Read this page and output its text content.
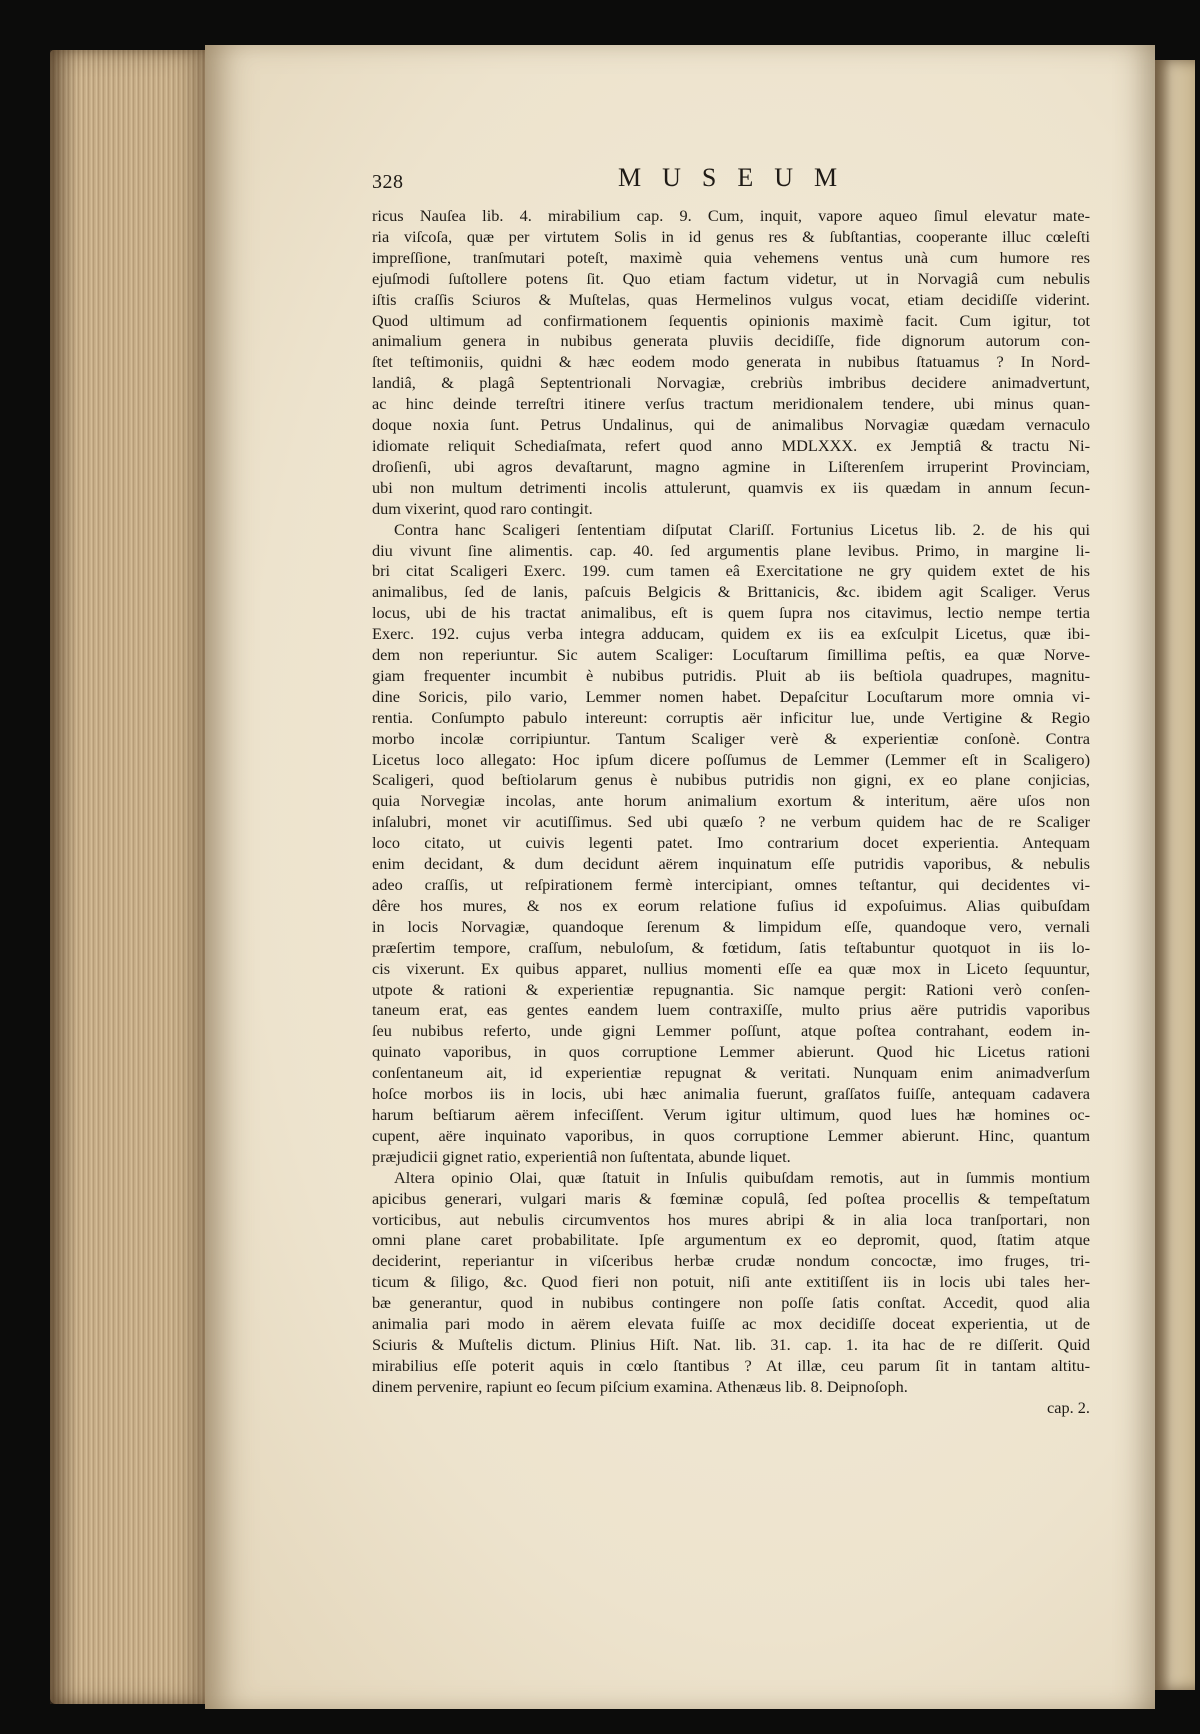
328	MUSEUM
ricus Nauſea lib. 4. mirabilium cap. 9. Cum, inquit, vapore aqueo ſimul elevatur mate-
ria viſcoſa, quæ per virtutem Solis in id genus res & ſubſtantias, cooperante illuc cœleſti
impreſſione, tranſmutari poteſt, maximè quia vehemens ventus unà cum humore res
ejuſmodi ſuſtollere potens ſit. Quo etiam factum videtur, ut in Norvagiâ cum nebulis
iſtis craſſis Sciuros & Muſtelas, quas Hermelinos vulgus vocat, etiam decidiſſe viderint.
Quod ultimum ad confirmationem ſequentis opinionis maximè facit. Cum igitur, tot
animalium genera in nubibus generata pluviis decidiſſe, fide dignorum autorum con-
ſtet teſtimoniis, quidni & hæc eodem modo generata in nubibus ſtatuamus ? In Nord-
landiâ, & plagâ Septentrionali Norvagiæ, crebriùs imbribus decidere animadvertunt,
ac hinc deinde terreſtri itinere verſus tractum meridionalem tendere, ubi minus quan-
doque noxia ſunt. Petrus Undalinus, qui de animalibus Norvagiæ quædam vernaculo
idiomate reliquit Schediaſmata, refert quod anno MDLXXX. ex Jemptiâ & tractu Ni-
droſienſi, ubi agros devaſtarunt, magno agmine in Liſterenſem irruperint Provinciam,
ubi non multum detrimenti incolis attulerunt, quamvis ex iis quædam in annum ſecun-
dum vixerint, quod raro contingit.
Contra hanc Scaligeri ſententiam diſputat Clariſſ. Fortunius Licetus lib. 2. de his qui
diu vivunt ſine alimentis. cap. 40. ſed argumentis plane levibus. Primo, in margine li-
bri citat Scaligeri Exerc. 199. cum tamen eâ Exercitatione ne gry quidem extet de his
animalibus, ſed de lanis, paſcuis Belgicis & Brittanicis, &c. ibidem agit Scaliger. Verus
locus, ubi de his tractat animalibus, eſt is quem ſupra nos citavimus, lectio nempe tertia
Exerc. 192. cujus verba integra adducam, quidem ex iis ea exſculpit Licetus, quæ ibi-
dem non reperiuntur. Sic autem Scaliger: Locuſtarum ſimillima peſtis, ea quæ Norve-
giam frequenter incumbit è nubibus putridis. Pluit ab iis beſtiola quadrupes, magnitu-
dine Soricis, pilo vario, Lemmer nomen habet. Depaſcitur Locuſtarum more omnia vi-
rentia. Conſumpto pabulo intereunt: corruptis aër inficitur lue, unde Vertigine & Regio
morbo incolæ corripiuntur. Tantum Scaliger verè & experientiæ conſonè. Contra
Licetus loco allegato: Hoc ipſum dicere poſſumus de Lemmer (Lemmer eſt in Scaligero)
Scaligeri, quod beſtiolarum genus è nubibus putridis non gigni, ex eo plane conjicias,
quia Norvegiæ incolas, ante horum animalium exortum & interitum, aëre uſos non
inſalubri, monet vir acutiſſimus. Sed ubi quæſo ? ne verbum quidem hac de re Scaliger
loco citato, ut cuivis legenti patet. Imo contrarium docet experientia. Antequam
enim decidant, & dum decidunt aërem inquinatum eſſe putridis vaporibus, & nebulis
adeo craſſis, ut reſpirationem fermè intercipiant, omnes teſtantur, qui decidentes vi-
dêre hos mures, & nos ex eorum relatione fuſius id expoſuimus. Alias quibuſdam
in locis Norvagiæ, quandoque ſerenum & limpidum eſſe, quandoque vero, vernali
præſertim tempore, craſſum, nebuloſum, & fœtidum, ſatis teſtabuntur quotquot in iis lo-
cis vixerunt. Ex quibus apparet, nullius momenti eſſe ea quæ mox in Liceto ſequuntur,
utpote & rationi & experientiæ repugnantia. Sic namque pergit: Rationi verò conſen-
taneum erat, eas gentes eandem luem contraxiſſe, multo prius aëre putridis vaporibus
ſeu nubibus referto, unde gigni Lemmer poſſunt, atque poſtea contrahant, eodem in-
quinato vaporibus, in quos corruptione Lemmer abierunt. Quod hic Licetus rationi
conſentaneum ait, id experientiæ repugnat & veritati. Nunquam enim animadverſum
hoſce morbos iis in locis, ubi hæc animalia fuerunt, graſſatos fuiſſe, antequam cadavera
harum beſtiarum aërem infeciſſent. Verum igitur ultimum, quod lues hæ homines oc-
cupent, aëre inquinato vaporibus, in quos corruptione Lemmer abierunt. Hinc, quantum
præjudicii gignet ratio, experientiâ non ſuſtentata, abunde liquet.
Altera opinio Olai, quæ ſtatuit in Inſulis quibuſdam remotis, aut in ſummis montium
apicibus generari, vulgari maris & fœminæ copulâ, ſed poſtea procellis & tempeſtatum
vorticibus, aut nebulis circumventos hos mures abripi & in alia loca tranſportari, non
omni plane caret probabilitate. Ipſe argumentum ex eo depromit, quod, ſtatim atque
deciderint, reperiantur in viſceribus herbæ crudæ nondum concoctæ, imo fruges, tri-
ticum & ſiligo, &c. Quod fieri non potuit, niſi ante extitiſſent iis in locis ubi tales her-
bæ generantur, quod in nubibus contingere non poſſe ſatis conſtat. Accedit, quod alia
animalia pari modo in aërem elevata fuiſſe ac mox decidiſſe doceat experientia, ut de
Sciuris & Muſtelis dictum. Plinius Hiſt. Nat. lib. 31. cap. 1. ita hac de re diſſerit. Quid
mirabilius eſſe poterit aquis in cœlo ſtantibus ? At illæ, ceu parum ſit in tantam altitu-
dinem pervenire, rapiunt eo ſecum piſcium examina. Athenæus lib. 8. Deipnoſoph.
cap. 2.
